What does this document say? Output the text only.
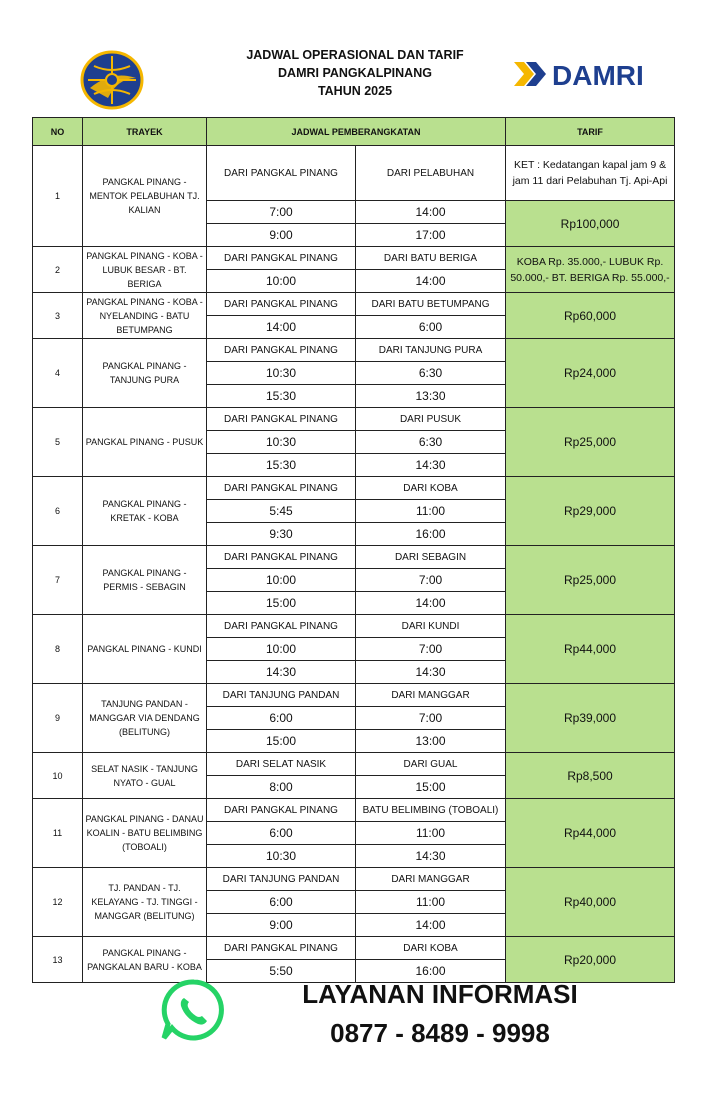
JADWAL OPERASIONAL DAN TARIF
DAMRI PANGKALPINANG
TAHUN 2025	DAMRI
NO	TRAYEK	JADWAL PEMBERANGKATAN		TARIF
1	PANGKAL PINANG - MENTOK PELABUHAN TJ. KALIAN	DARI PANGKAL PINANG	DARI PELABUHAN	KET : Kedatangan kapal jam 9 & jam 11 dari Pelabuhan Tj. Api-Api
		7:00	14:00	Rp100,000
		9:00	17:00	
2	PANGKAL PINANG - KOBA - LUBUK BESAR - BT. BERIGA	DARI PANGKAL PINANG	DARI BATU BERIGA	KOBA Rp. 35.000,- LUBUK Rp. 50.000,- BT. BERIGA Rp. 55.000,-
		10:00	14:00	
3	PANGKAL PINANG - KOBA - NYELANDING - BATU BETUMPANG	DARI PANGKAL PINANG	DARI BATU BETUMPANG	Rp60,000
		14:00	6:00	
4	PANGKAL PINANG - TANJUNG PURA	DARI PANGKAL PINANG	DARI TANJUNG PURA	Rp24,000
		10:30	6:30	
		15:30	13:30	
5	PANGKAL PINANG - PUSUK	DARI PANGKAL PINANG	DARI PUSUK	Rp25,000
		10:30	6:30	
		15:30	14:30	
6	PANGKAL PINANG - KRETAK - KOBA	DARI PANGKAL PINANG	DARI KOBA	Rp29,000
		5:45	11:00	
		9:30	16:00	
7	PANGKAL PINANG - PERMIS - SEBAGIN	DARI PANGKAL PINANG	DARI SEBAGIN	Rp25,000
		10:00	7:00	
		15:00	14:00	
8	PANGKAL PINANG - KUNDI	DARI PANGKAL PINANG	DARI KUNDI	Rp44,000
		10:00	7:00	
		14:30	14:30	
9	TANJUNG PANDAN - MANGGAR VIA DENDANG (BELITUNG)	DARI TANJUNG PANDAN	DARI MANGGAR	Rp39,000
		6:00	7:00	
		15:00	13:00	
10	SELAT NASIK - TANJUNG NYATO - GUAL	DARI SELAT NASIK	DARI GUAL	Rp8,500
		8:00	15:00	
11	PANGKAL PINANG - DANAU KOALIN - BATU BELIMBING (TOBOALI)	DARI PANGKAL PINANG	BATU BELIMBING (TOBOALI)	Rp44,000
		6:00	11:00	
		10:30	14:30	
12	TJ. PANDAN - TJ. KELAYANG - TJ. TINGGI - MANGGAR (BELITUNG)	DARI TANJUNG PANDAN	DARI MANGGAR	Rp40,000
		6:00	11:00	
		9:00	14:00	
13	PANGKAL PINANG - PANGKALAN BARU - KOBA	DARI PANGKAL PINANG	DARI KOBA	Rp20,000
		5:50	16:00	
LAYANAN INFORMASI
0877 - 8489 - 9998
